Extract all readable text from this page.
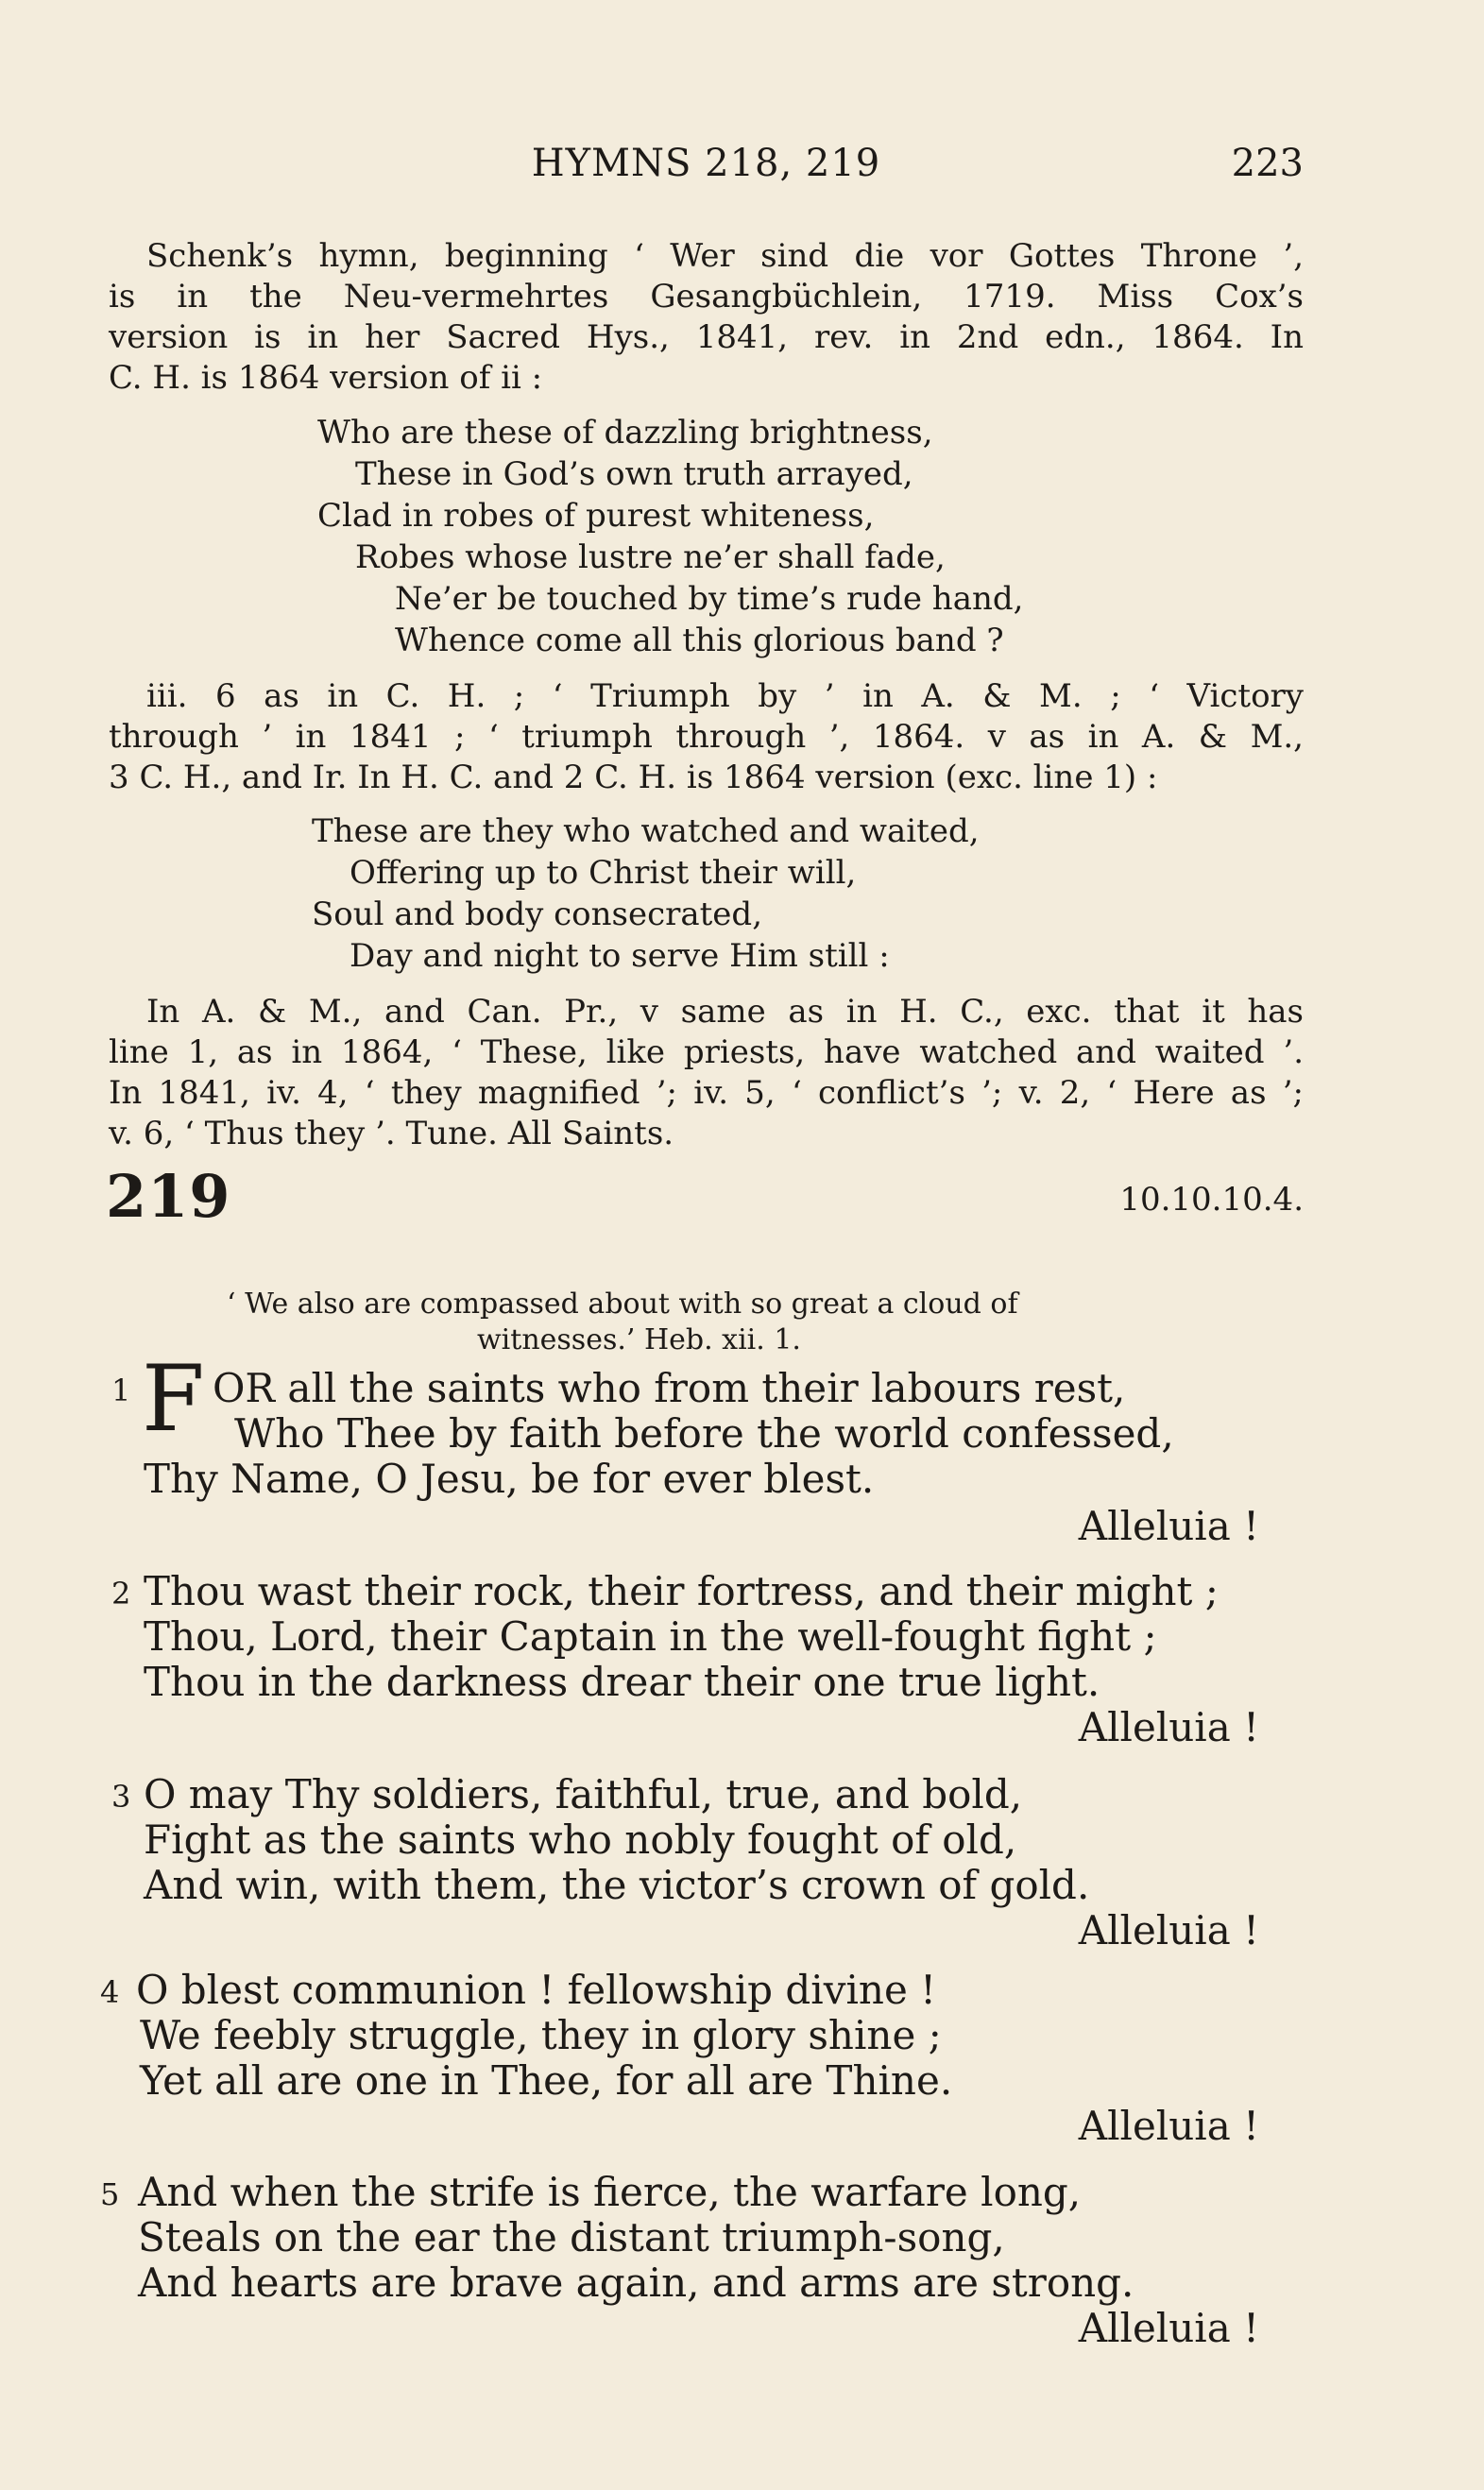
HYMNS 218, 219	223

Schenk’s hymn, beginning ‘ Wer sind die vor Gottes Throne ’,

is in the Neu-vermehrtes Gesangbüchlein, 1719. Miss Cox’s

version is in her Sacred Hys., 1841, rev. in 2nd edn., 1864. In

C. H. is 1864 version of ii :

Who are these of dazzling brightness,
These in God’s own truth arrayed,
Clad in robes of purest whiteness,
Robes whose lustre ne’er shall fade,
Ne’er be touched by time’s rude hand,
Whence come all this glorious band ?

iii. 6 as in C. H. ; ‘ Triumph by ’ in A. & M. ; ‘ Victory

through ’ in 1841 ; ‘ triumph through ’, 1864. v as in A. & M.,

3 C. H., and Ir. In H. C. and 2 C. H. is 1864 version (exc. line 1) :

These are they who watched and waited,
Offering up to Christ their will,
Soul and body consecrated,
Day and night to serve Him still :

In A. & M., and Can. Pr., v same as in H. C., exc. that it has

line 1, as in 1864, ‘ These, like priests, have watched and waited ’.

In 1841, iv. 4, ‘ they magnified ’; iv. 5, ‘ conflict’s ’; v. 2, ‘ Here as ’;

v. 6, ‘ Thus they ’. Tune. All Saints.

219	10.10.10.4.
‘ We also are compassed about with so great a cloud of
witnesses.’ Heb. xii. 1.
1 F OR all the saints who from their labours rest,
Who Thee by faith before the world confessed,
Thy Name, O Jesu, be for ever blest.
Alleluia !
2 Thou wast their rock, their fortress, and their might ;
Thou, Lord, their Captain in the well-fought fight ;
Thou in the darkness drear their one true light.
Alleluia !
3 O may Thy soldiers, faithful, true, and bold,
Fight as the saints who nobly fought of old,
And win, with them, the victor’s crown of gold.
Alleluia !
4 O blest communion ! fellowship divine !
We feebly struggle, they in glory shine ;
Yet all are one in Thee, for all are Thine.
Alleluia !
5 And when the strife is fierce, the warfare long,
Steals on the ear the distant triumph-song,
And hearts are brave again, and arms are strong.
Alleluia !
